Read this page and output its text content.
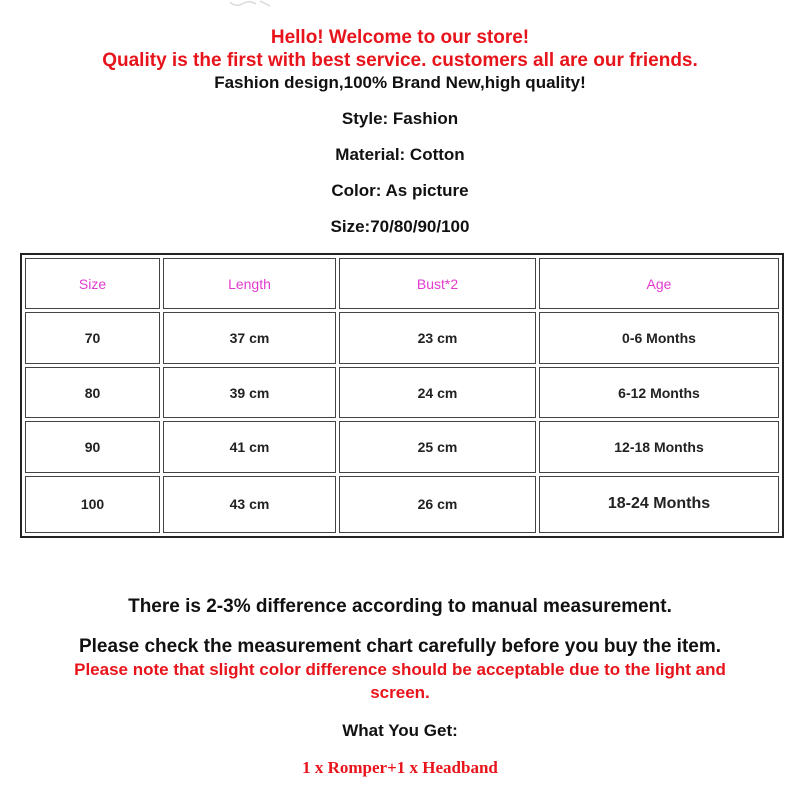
Hello! Welcome to our store!
Quality is the first with best service. customers all are our friends.
Fashion design,100% Brand New,high quality!
Style: Fashion
Material: Cotton
Color: As picture
Size:70/80/90/100
Size	Length	Bust*2	Age
70	37 cm	23 cm	0-6 Months
80	39 cm	24 cm	6-12 Months
90	41 cm	25 cm	12-18 Months
100	43 cm	26 cm	18-24 Months
There is 2-3% difference according to manual measurement.
Please check the measurement chart carefully before you buy the item.
Please note that slight color difference should be acceptable due to the light and
screen.
What You Get:
1 x Romper+1 x Headband
